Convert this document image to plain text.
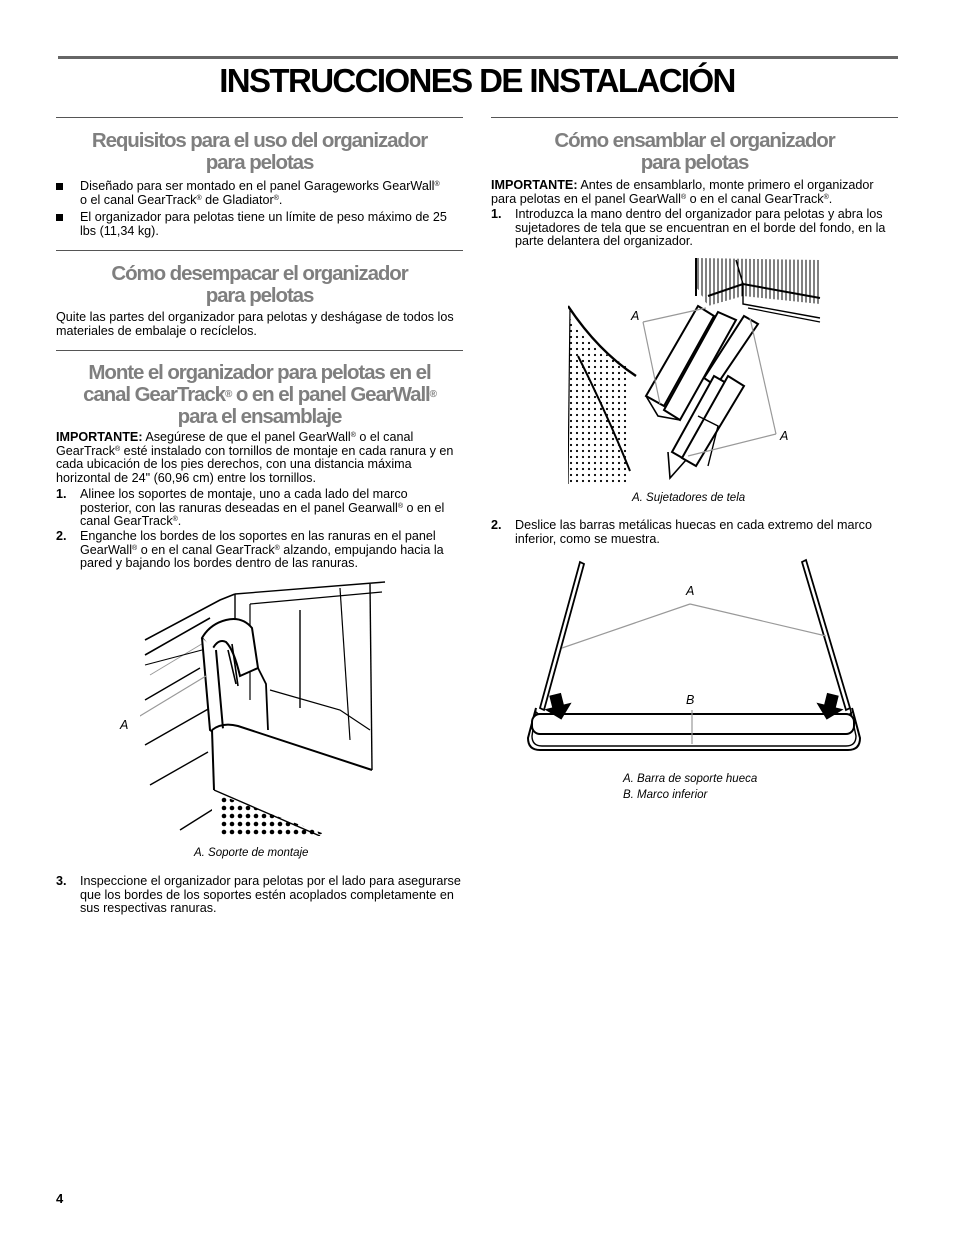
INSTRUCCIONES DE INSTALACIÓN
Requisitos para el uso del organizador
para pelotas
Diseñado para ser montado en el panel Garageworks GearWall®
o el canal GearTrack® de Gladiator®.
El organizador para pelotas tiene un límite de peso máximo de 25 lbs (11,34 kg).
Cómo desempacar el organizador
para pelotas
Quite las partes del organizador para pelotas y deshágase de todos los materiales de embalaje o recíclelos.
Monte el organizador para pelotas en el
canal GearTrack® o en el panel GearWall®
para el ensamblaje
IMPORTANTE: Asegúrese de que el panel GearWall® o el canal GearTrack® esté instalado con tornillos de montaje en cada ranura y en cada ubicación de los pies derechos, con una distancia máxima horizontal de 24" (60,96 cm) entre los tornillos.
1. Alinee los soportes de montaje, uno a cada lado del marco posterior, con las ranuras deseadas en el panel Gearwall® o en el canal GearTrack®.
2. Enganche los bordes de los soportes en las ranuras en el panel GearWall® o en el canal GearTrack® alzando, empujando hacia la pared y bajando los bordes dentro de las ranuras.
A
A. Soporte de montaje
3. Inspeccione el organizador para pelotas por el lado para asegurarse que los bordes de los soportes estén acoplados completamente en sus respectivas ranuras.
Cómo ensamblar el organizador
para pelotas
IMPORTANTE: Antes de ensamblarlo, monte primero el organizador para pelotas en el panel GearWall® o en el canal GearTrack®.
1. Introduzca la mano dentro del organizador para pelotas y abra los sujetadores de tela que se encuentran en el borde del fondo, en la parte delantera del organizador.
A
A
A. Sujetadores de tela
2. Deslice las barras metálicas huecas en cada extremo del marco inferior, como se muestra.
A
B
A. Barra de soporte hueca
B. Marco inferior
4
